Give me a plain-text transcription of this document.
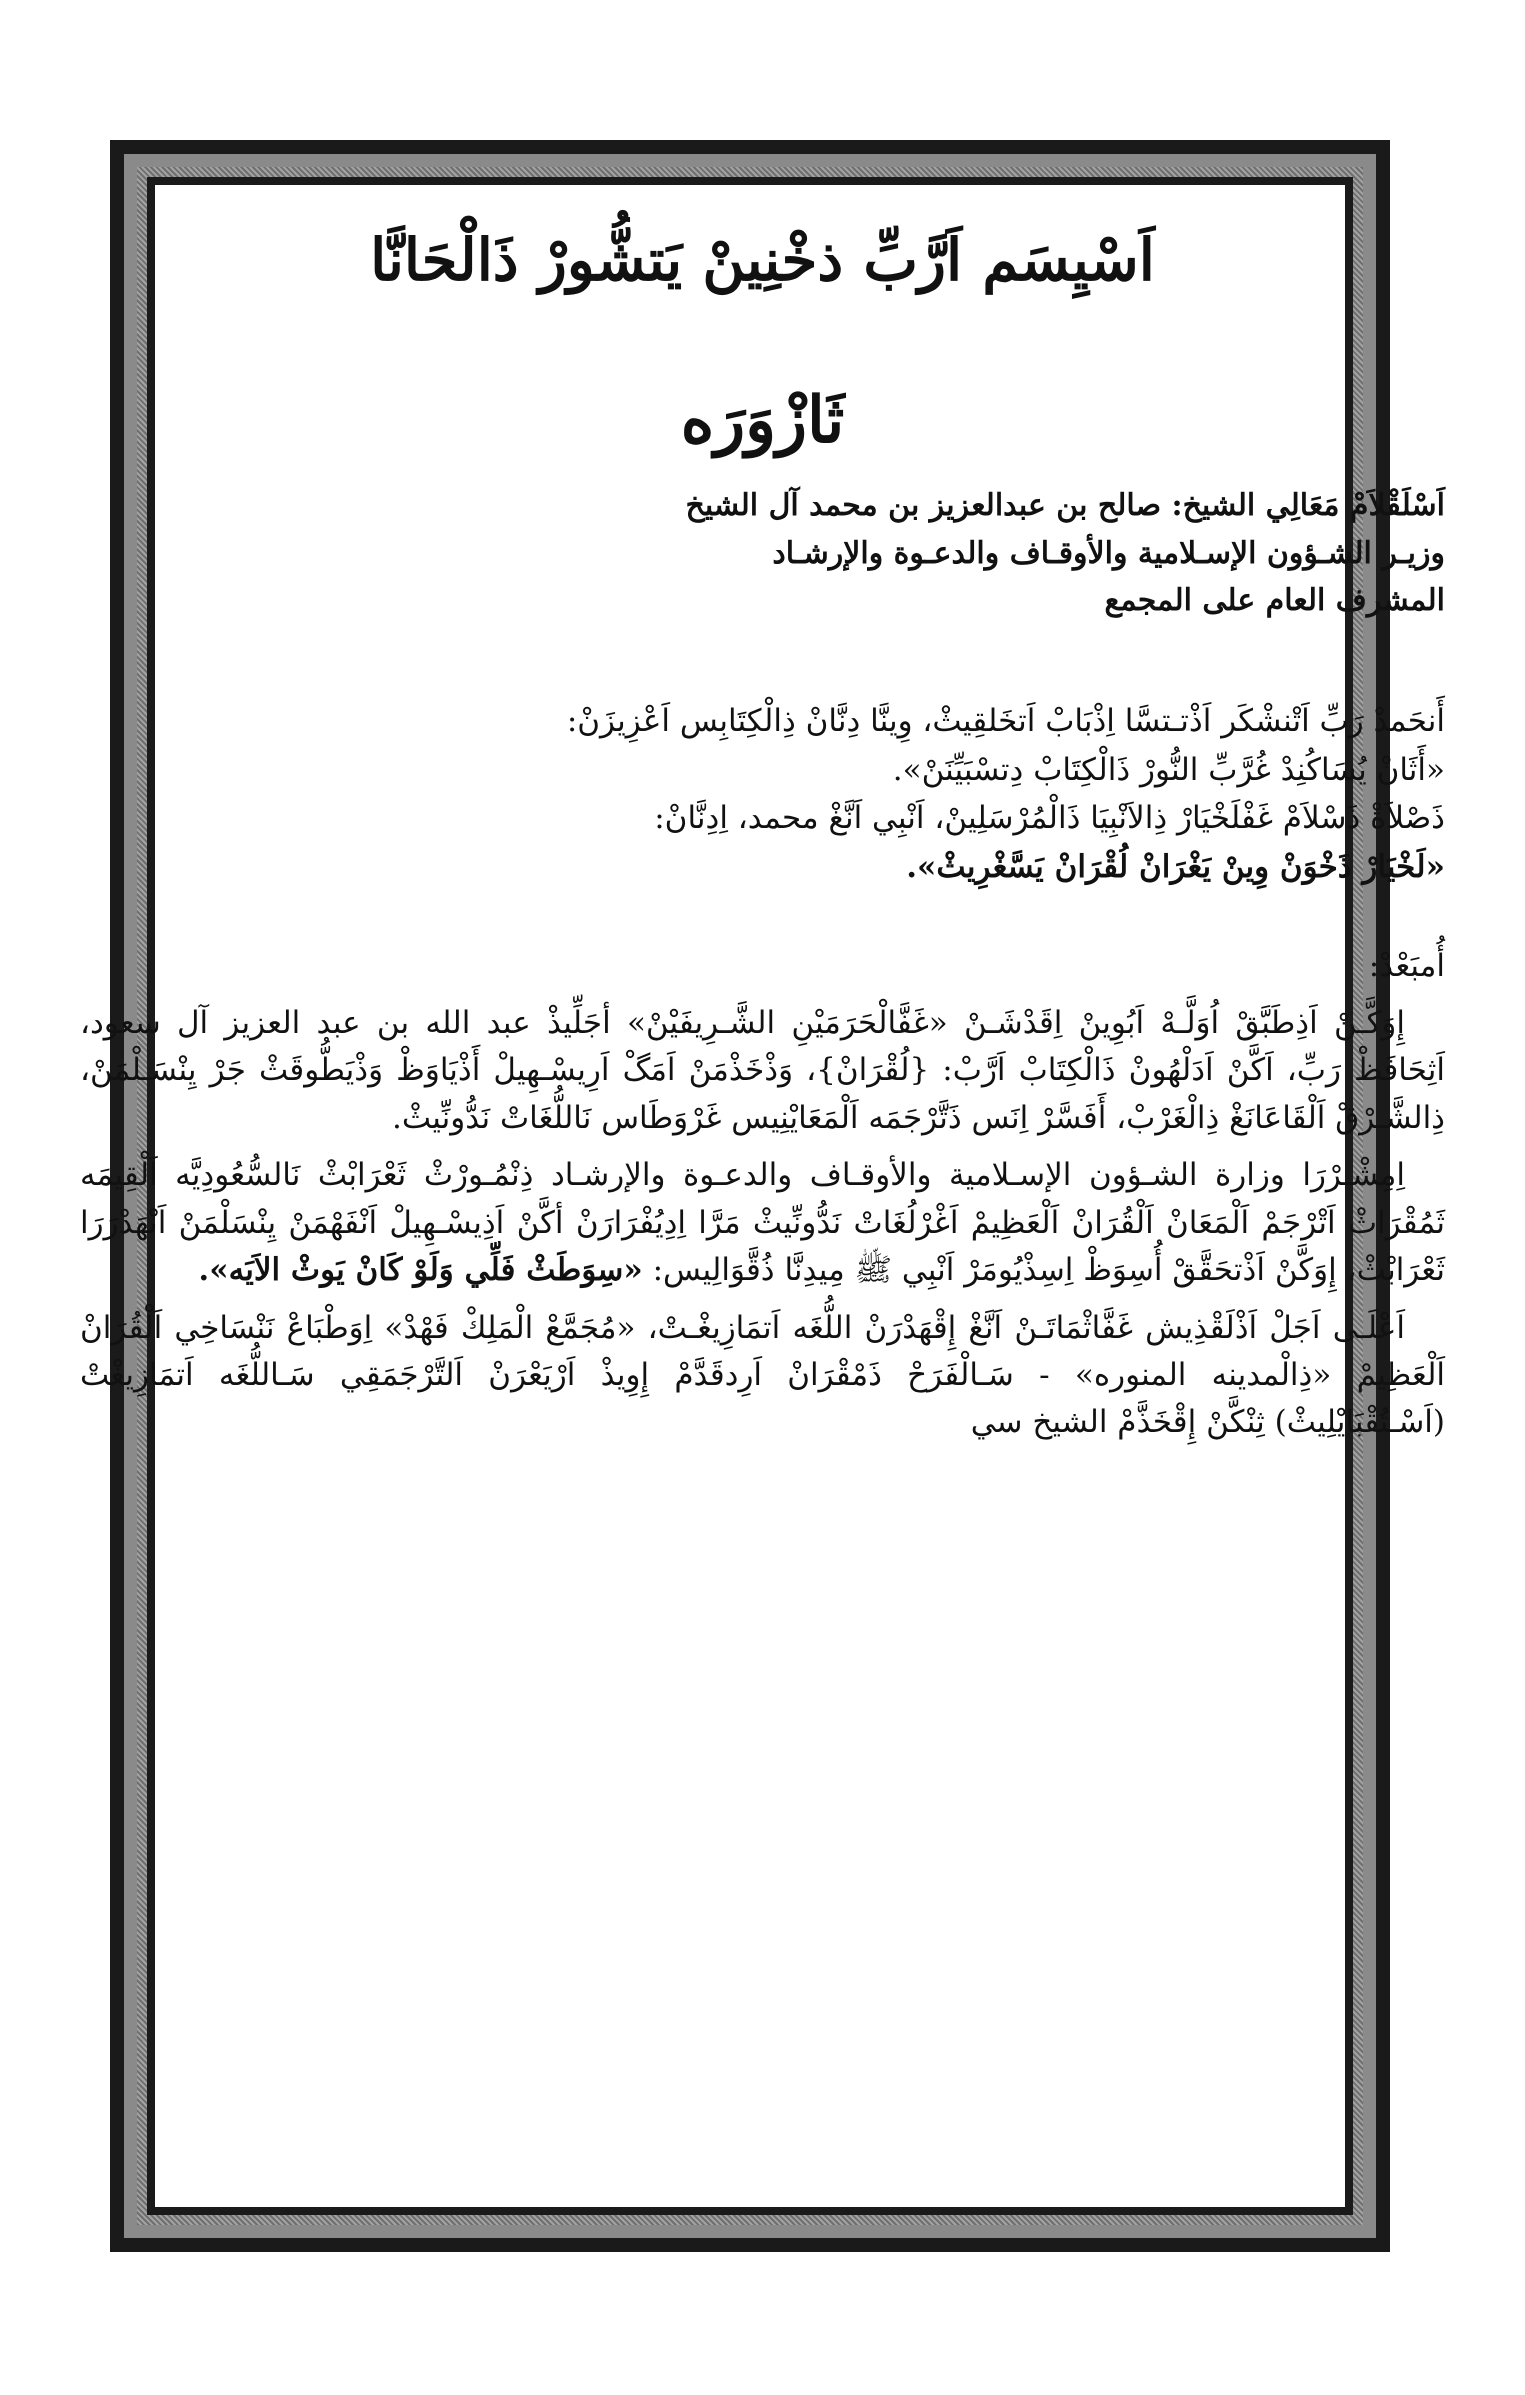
اَسْيِسَم اَرَّبِّ ذخْنِينْ يَتشُّورْ ذَالْحَانَّا
ثَازْوَرَه

اَسْلَقْلاَمْ مَعَالِي الشيخ: صالح بن عبدالعزيز بن محمد آل الشيخ

وزيـر الشـؤون الإسـلامية والأوقـاف والدعـوة والإرشـاد

المشرف العام على المجمع

أَنحَمدْ رَبِّ اَتْنشْكَر اَذْتـتسَّا اِذْبَابْ اَتخَلقِيثْ، وِينَّا دِنَّانْ ذِالْكِتَابِس اَعْزِيزَنْ:

«أَثَانْ يُسَاكُنِدْ غُرَّبِّ النُّورْ ذَالْكِتَابْ دِتسْبَيِّنَنْ».

ذَصْلاَةْ ذَسْلاَمْ غَفْلَخْيَارْ ذِالاَنْبِيَا ذَالْمُرْسَلِينْ، اَنْبِي اَنَّغْ محمد، اِدِنَّانْ:

«لَخْيَارْ ذَخْوَنْ وِينْ يَغْرَانْ لُقْرَانْ يَسَّغْرِيثْ».

أُمبَعْدْ:

إِوَكَّـنْ اَذِطَبَّقْ اُوَلَّـهْ اَبُوِينْ اِقَدْشَـنْ «غَفَّالْحَرَمَيْنِ الشَّـرِيفَيْنْ» أجَلِّيذْ عبد الله بن عبد العزيز آل سعود، اَثِحَافَظْ رَبِّ، اَكَّنْ اَدَلْهُونْ ذَالْكِتَابْ اَرَّبْ: {لُقْرَانْ}، وَذْخَذْمَنْ اَمَگْ اَرِيسْـهِيلْ أَذْيَاوَظْ وَذْيَطُّوقَثْ جَرْ يِنْسَـلْمَنْ، ذِالشَّـرْقْ اَلْقَاعَانَغْ ذِالْغَرْبْ، أَفَسَّرْ اِنَس ذَتَّرْجَمَه اَلْمَعَايْنِيس غَرْوَطَاس نَاللُّغَاتْ نَدُّونِّيثْ.

اِمِشْـرْرَا وزارة الشـؤون الإسـلامية والأوقـاف والدعـوة والإرشـاد ذِنْمُـورْثْ ثَعْرَابْثْ نَالسُّعُودِيَّه اَلْقِيمَه ثَمُقْرَاثْ اَتْرْجَمْ اَلْمَعَانْ اَلْقُرَانْ اَلْعَظِيمْ اَغْرْلُغَاتْ نَدُّونِّيثْ مَرَّا اِدِيُفْرَارَنْ أكَّنْ اَذِيسْـهِيلْ اَنْفَهْمَنْ يِنْسَلْمَنْ اَنْهَدْرَرَا ثَعْرَابْثْ، إِوَكَّنْ اَذْتحَقَّقْ أُسِوَظْ اِسِذْيُومَرْ اَنْبِي ﷺ مِيدِنَّا ذُقَّوَالِيس: «سِوَطَثْ فَلِّي وَلَوْ كَانْ يَوثْ الاَيَه».

اَعْلَـى اَجَلْ اَذْلَقْذِيش غَفَّاثْمَاتَـنْ اَنَّغْ إِقْهَدْرَنْ اللُّغَه اَتمَازِيغْـتْ، «مُجَمَّعْ الْمَلِكْ فَهْدْ» اِوَطْبَاعْ نَنْسَاخِي اَلْقُرَانْ اَلْعَظِيمْ «ذِالْمدينه المنوره» - سَـالْفَرَحْ ذَمْقْرَانْ اَرِدقَدَّمْ إِوِيذْ اَرْيَعْرَنْ اَلتَّرْجَمَقِي سَـاللُّغَه اَتمَازِيغْتْ (اَسْـتُقْبَايْلِيثْ) ثِنْكَّنْ إِقْخَذَّمْ الشيخ سي
